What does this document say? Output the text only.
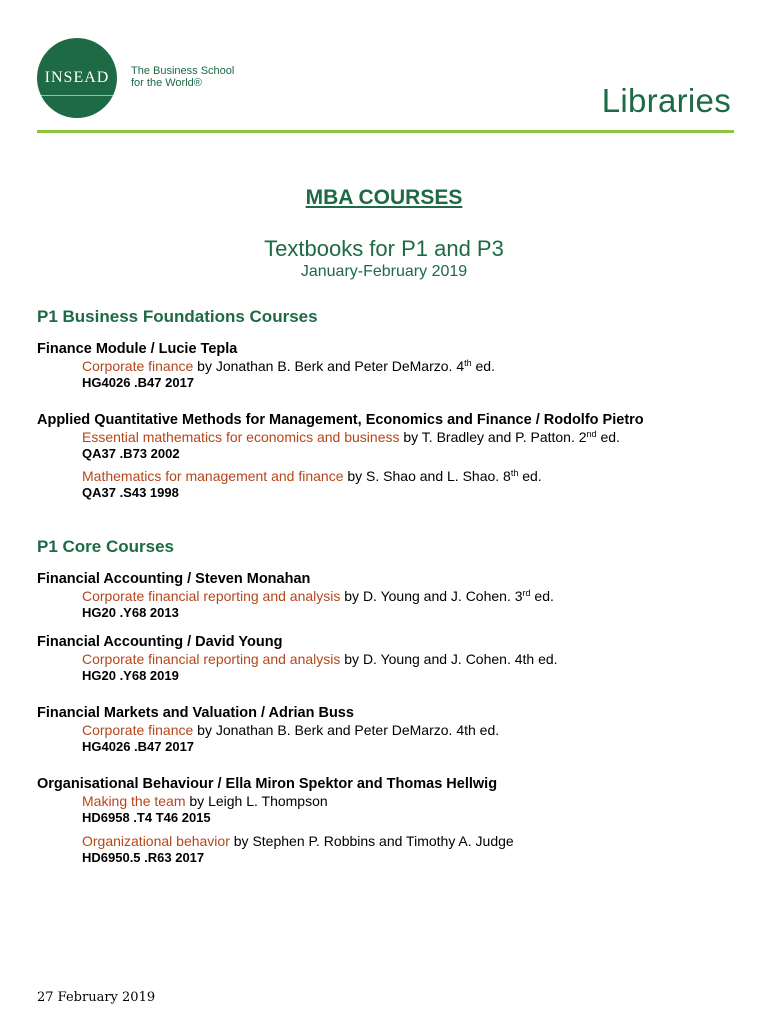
INSEAD The Business School
for the World®	Libraries
MBA COURSES
Textbooks for P1 and P3
January-February 2019
P1 Business Foundations Courses
Finance Module / Lucie Tepla
Corporate finance by Jonathan B. Berk and Peter DeMarzo. 4th ed.
HG4026 .B47 2017
Applied Quantitative Methods for Management, Economics and Finance / Rodolfo Pietro
Essential mathematics for economics and business by T. Bradley and P. Patton. 2nd ed.
QA37 .B73 2002
Mathematics for management and finance by S. Shao and L. Shao. 8th ed.
QA37 .S43 1998
P1 Core Courses
Financial Accounting / Steven Monahan
Corporate financial reporting and analysis by D. Young and J. Cohen. 3rd ed.
HG20 .Y68 2013
Financial Accounting / David Young
Corporate financial reporting and analysis by D. Young and J. Cohen. 4th ed.
HG20 .Y68 2019
Financial Markets and Valuation / Adrian Buss
Corporate finance by Jonathan B. Berk and Peter DeMarzo. 4th ed.
HG4026 .B47 2017
Organisational Behaviour / Ella Miron Spektor and Thomas Hellwig
Making the team by Leigh L. Thompson
HD6958 .T4 T46 2015
Organizational behavior by Stephen P. Robbins and Timothy A. Judge
HD6950.5 .R63 2017
27 February 2019
